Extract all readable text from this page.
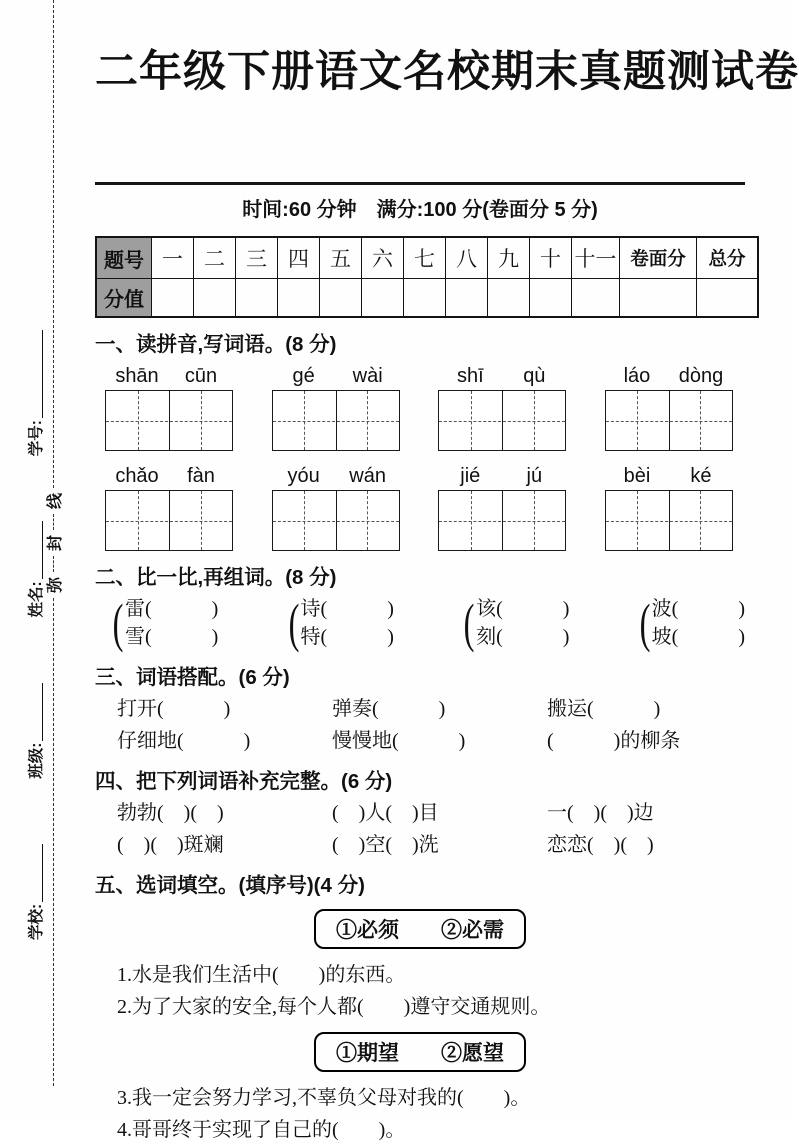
学校:
班级:
姓名:
学号:
弥
封
线
二年级下册语文名校期末真题测试卷
时间:60 分钟　满分:100 分(卷面分 5 分)
题号	一	二	三	四	五	六	七	八	九	十	十一	卷面分	总分
分值													
一、读拼音,写词语。(8 分)
shān	cūn	gé	wài	shī	qù	láo	dòng
chǎo	fàn	yóu	wán	jié	jú	bèi	ké
二、比一比,再组词。(8 分)
( 雷(　　　)
雪(　　　) ( 诗(　　　)
特(　　　) ( 该(　　　)
刻(　　　) ( 波(　　　)
坡(　　　)
三、词语搭配。(6 分)
打开(　　　)	弹奏(　　　)	搬运(　　　)
仔细地(　　　)	慢慢地(　　　)	(　　　)的柳条
四、把下列词语补充完整。(6 分)
勃勃(　)(　)	(　)人(　)目	一(　)(　)边
(　)(　)斑斓	(　)空(　)洗	恋恋(　)(　)
五、选词填空。(填序号)(4 分)
①必须 ②必需
1.水是我们生活中(　　)的东西。
2.为了大家的安全,每个人都(　　)遵守交通规则。
①期望 ②愿望
3.我一定会努力学习,不辜负父母对我的(　　)。
4.哥哥终于实现了自己的(　　)。
